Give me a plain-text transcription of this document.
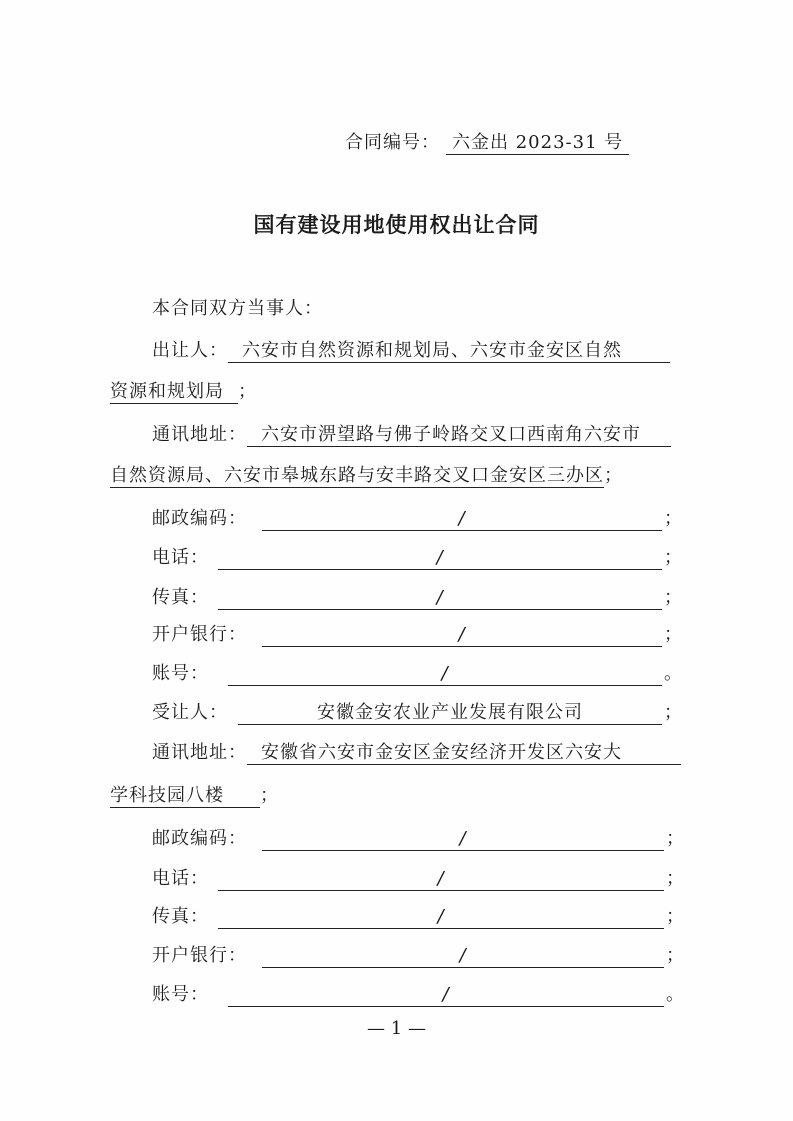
合同编号： 六金出 2023-31 号
国有建设用地使用权出让合同
本合同双方当事人：
出让人： 六安市自然资源和规划局、六安市金安区自然
资源和规划局 ；
通讯地址： 六安市淠望路与佛子岭路交叉口西南角六安市
自然资源局、六安市皋城东路与安丰路交叉口金安区三办区；
邮政编码：	/	；
电话：	/	；
传真：	/	；
开户银行：	/	；
账号：	/	。
受让人：	安徽金安农业产业发展有限公司	；
通讯地址： 安徽省六安市金安区金安经济开发区六安大
学科技园八楼 ；
邮政编码：	/	；
电话：	/	；
传真：	/	；
开户银行：	/	；
账号：	/	。
— 1 —
